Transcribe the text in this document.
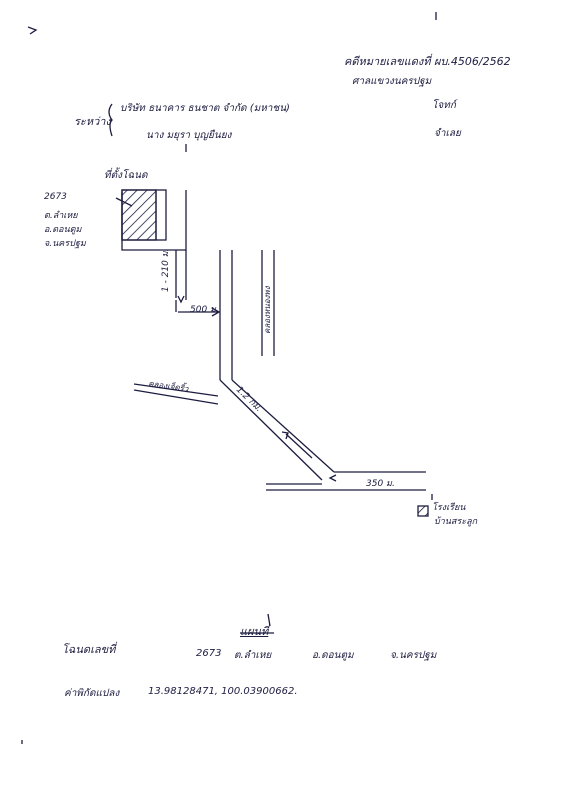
คดีหมายเลขแดงที่ ผบ.4506/2562
ศาลแขวงนครปฐม
ระหว่าง
บริษัท ธนาคาร ธนชาต จำกัด (มหาชน)	โจทก์
นาง มยุรา บุญยืนยง	จำเลย
ที่ตั้งโฉนด
2673
ต.ลำเหย
อ.ดอนตูม
จ.นครปฐม
1 - 210 ม.
500 ม.	คลองหนองพง
คลองเจ็ดริ้ว	1.2 กม.
350 ม.
โรงเรียน
บ้านสระลูก
แผนที่
โฉนดเลขที่	2673 ต.ลำเหย	อ.ดอนตูม	จ.นครปฐม
ค่าพิกัดแปลง	13.98128471, 100.03900662.
